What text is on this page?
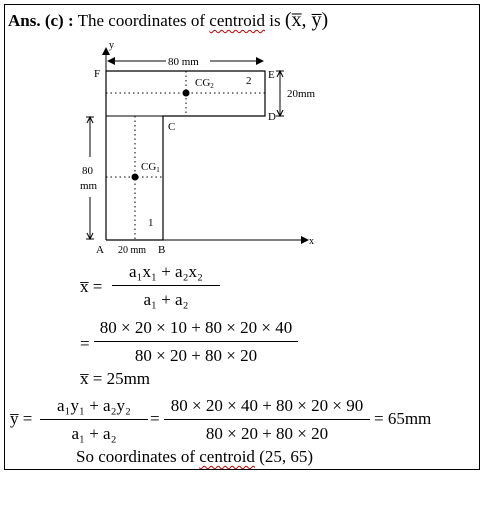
Ans. (c) : The coordinates of centroid is (x̅, y̅)
y
x
CG2
CG1
2
1
F	E
D
C
A	B
80 mm
20mm
80
mm
20 mm
x̅ =
a₁x₁ + a₂x₂
a₁ + a₂
=
80 × 20 × 10 + 80 × 20 × 40
80 × 20 + 80 × 20
x̅ = 25mm
y̅ =
a₁y₁ + a₂y₂
a₁ + a₂
=
80 × 20 × 40 + 80 × 20 × 90
80 × 20 + 80 × 20
= 65mm
So coordinates of centroid (25, 65)
